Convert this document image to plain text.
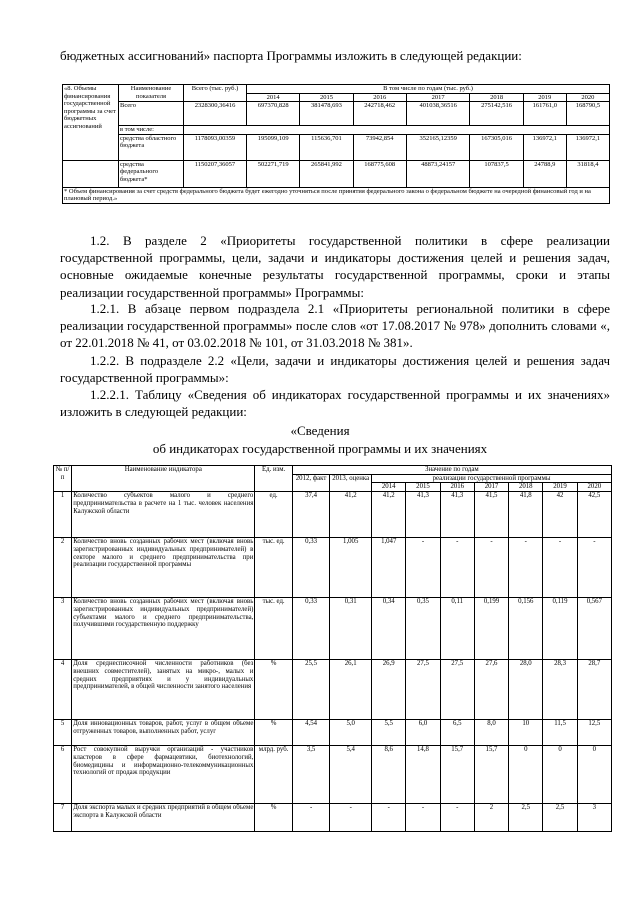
бюджетных ассигнований» паспорта Программы изложить в следующей редакции:
«8. Объемы финансирования государственной программы за счет бюджетных ассигнований	Наименование показателя	Всего (тыс. руб.)	В том числе по годам (тыс. руб.)						
			2014	2015	2016	2017	2018	2019	2020
	Всего	2328300,36416	697370,828	381478,693	242718,462	401038,36516	275142,516	161761,0	168790,5
	в том числе:								
	средства областного бюджета	1178093,00359	195099,109	115636,701	73942,854	352165,12359	167305,016	136972,1	136972,1
	средства федерального бюджета*	1150207,36057	502271,719	265841,992	168775,608	48873,24157	107837,5	24788,9	31818,4
* Объем финансирования за счет средств федерального бюджета будет ежегодно уточняться после принятия федерального закона о федеральном бюджете на очередной финансовый год и на плановый период.»									
1.2. В разделе 2 «Приоритеты государственной политики в сфере реализации государственной программы, цели, задачи и индикаторы достижения целей и решения задач, основные ожидаемые конечные результаты государственной программы, сроки и этапы реализации государственной программы» Программы:
1.2.1. В абзаце первом подраздела 2.1 «Приоритеты региональной политики в сфере реализации государственной программы» после слов «от 17.08.2017 № 978» дополнить словами «, от 22.01.2018 № 41, от 03.02.2018 № 101, от 31.03.2018 № 381».
1.2.2. В подразделе 2.2 «Цели, задачи и индикаторы достижения целей и решения задач государственной программы»:
1.2.2.1. Таблицу «Сведения об индикаторах государственной программы и их значениях» изложить в следующей редакции:
«Сведения
об индикаторах государственной программы и их значениях
№ п/п	Наименование индикатора	Ед. изм.	Значение по годам								
			2012, факт	2013, оценка	реализации государственной программы						
					2014	2015	2016	2017	2018	2019	2020
1	Количество субъектов малого и среднего предпринимательства в расчете на 1 тыс. человек населения Калужской области	ед.	37,4	41,2	41,2	41,3	41,3	41,5	41,8	42	42,5
2	Количество вновь созданных рабочих мест (включая вновь зарегистрированных индивидуальных предпринимателей) в секторе малого и среднего предпринимательства при реализации государственной программы	тыс. ед.	0,33	1,005	1,047	-	-	-	-	-	-
3	Количество вновь созданных рабочих мест (включая вновь зарегистрированных индивидуальных предпринимателей) субъектами малого и среднего предпринимательства, получившими государственную поддержку	тыс. ед.	0,33	0,31	0,34	0,35	0,11	0,199	0,156	0,119	0,567
4	Доля среднесписочной численности работников (без внешних совместителей), занятых на микро-, малых и средних предприятиях и у индивидуальных предпринимателей, в общей численности занятого населения	%	25,5	26,1	26,9	27,5	27,5	27,6	28,0	28,3	28,7
5	Доля инновационных товаров, работ, услуг в общем объеме отгруженных товаров, выполненных работ, услуг	%	4,54	5,0	5,5	6,0	6,5	8,0	10	11,5	12,5
6	Рост совокупной выручки организаций - участников кластеров в сфере фармацевтики, биотехнологий, биомедицины и информационно-телекоммуникационных технологий от продаж продукции	млрд. руб.	3,5	5,4	8,6	14,8	15,7	15,7	0	0	0
7	Доля экспорта малых и средних предприятий в общем объеме экспорта в Калужской области	%	-	-	-	-	-	2	2,5	2,5	3
